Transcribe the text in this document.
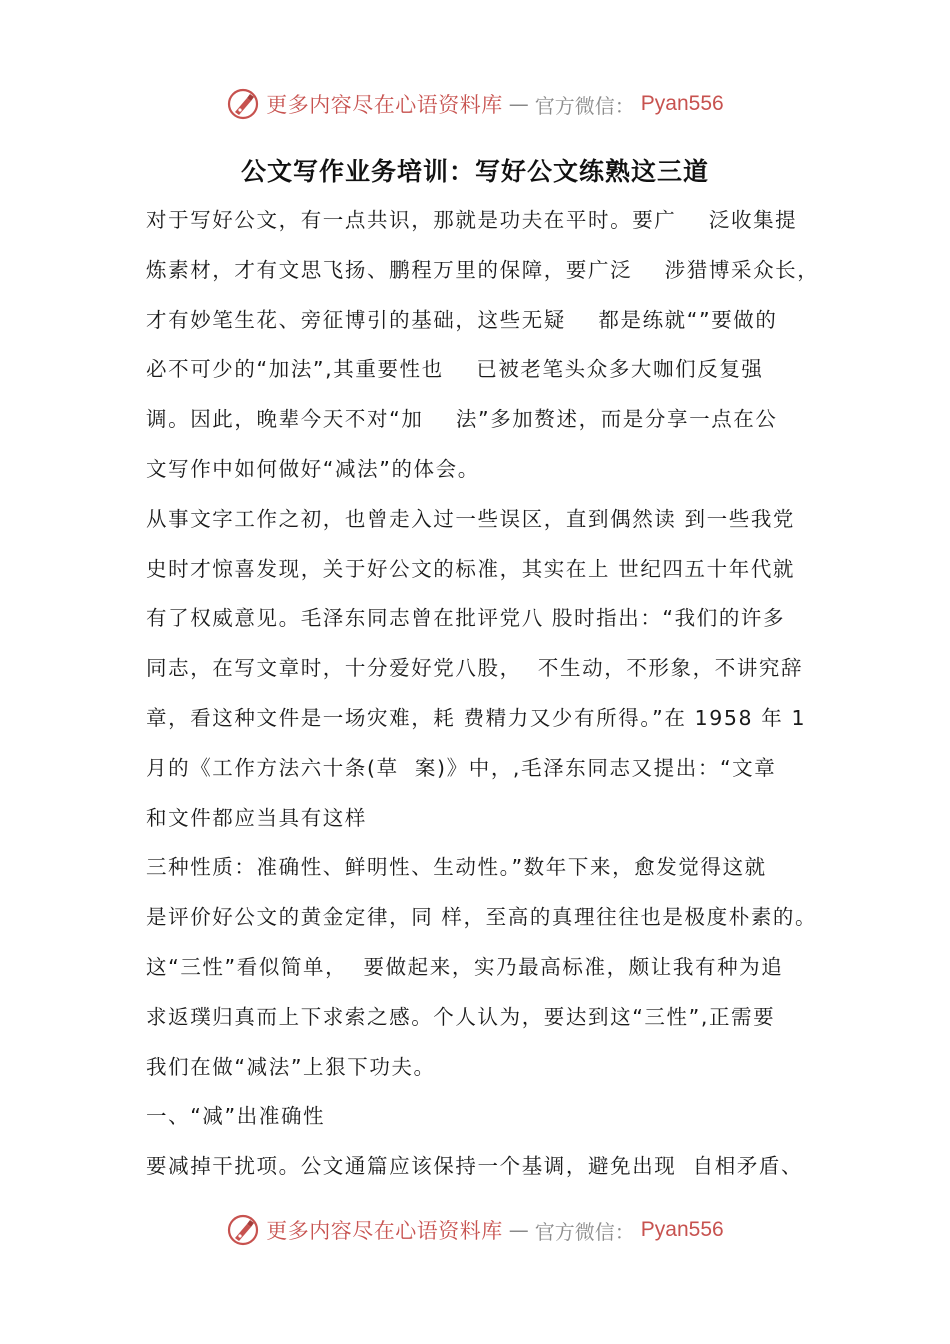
更多内容尽在心语资料库 — 官方微信： Pyan556
公文写作业务培训：写好公文练熟这三道
对于写好公文，有一点共识，那就是功夫在平时。要广    泛收集提
炼素材，才有文思飞扬、鹏程万里的保障，要广泛    涉猎博采众长，
才有妙笔生花、旁征博引的基础，这些无疑    都是练就“”要做的
必不可少的“加法”,其重要性也    已被老笔头众多大咖们反复强
调。因此，晚辈今天不对“加    法”多加赘述，而是分享一点在公
文写作中如何做好“减法”的体会。
从事文字工作之初，也曾走入过一些误区，直到偶然读 到一些我党
史时才惊喜发现，关于好公文的标准，其实在上 世纪四五十年代就
有了权威意见。毛泽东同志曾在批评党八 股时指出：“我们的许多
同志，在写文章时，十分爱好党八股，  不生动，不形象，不讲究辞
章，看这种文件是一场灾难，耗 费精力又少有所得。”在 1958 年 1
月的《工作方法六十条(草  案)》中，,毛泽东同志又提出：“文章
和文件都应当具有这样
三种性质：准确性、鲜明性、生动性。”数年下来，愈发觉得这就
是评价好公文的黄金定律，同 样，至高的真理往往也是极度朴素的。
这“三性”看似简单，  要做起来，实乃最高标准，颇让我有种为追
求返璞归真而上下求索之感。个人认为，要达到这“三性”,正需要
我们在做“减法”上狠下功夫。
一、“减”出准确性
要减掉干扰项。公文通篇应该保持一个基调，避免出现  自相矛盾、
更多内容尽在心语资料库 — 官方微信： Pyan556
